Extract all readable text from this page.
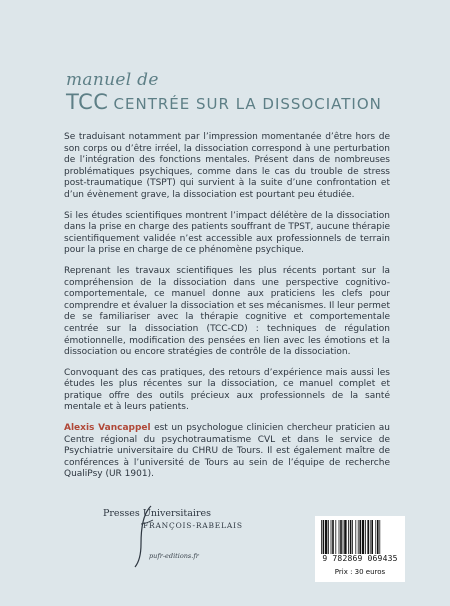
manuel de
TCC CENTRÉE SUR LA DISSOCIATION

Se traduisant notamment par l’impression momentanée d’être hors de son corps ou d’être irréel, la dissociation correspond à une perturbation de l’intégration des fonctions mentales. Présent dans de nombreuses problématiques psychiques, comme dans le cas du trouble de stress post-traumatique (TSPT) qui survient à la suite d’une confrontation et d’un évènement grave, la dissociation est pourtant peu étudiée.

Si les études scientifiques montrent l’impact délétère de la dissociation dans la prise en charge des patients souffrant de TPST, aucune thérapie scientifiquement validée n’est accessible aux professionnels de terrain pour la prise en charge de ce phénomène psychique.

Reprenant les travaux scientifiques les plus récents portant sur la compréhension de la dissociation dans une perspective cognitivo-comportementale, ce manuel donne aux praticiens les clefs pour comprendre et évaluer la dissociation et ses mécanismes. Il leur permet de se familiariser avec la thérapie cognitive et comportementale centrée sur la dissociation (TCC-CD) : techniques de régulation émotionnelle, modification des pensées en lien avec les émotions et la dissociation ou encore stratégies de contrôle de la dissociation.

Convoquant des cas pratiques, des retours d’expérience mais aussi les études les plus récentes sur la dissociation, ce manuel complet et pratique offre des outils précieux aux professionnels de la santé mentale et à leurs patients.

Alexis Vancappel est un psychologue clinicien chercheur praticien au Centre régional du psychotraumatisme CVL et dans le service de Psychiatrie universitaire du CHRU de Tours. Il est également maître de conférences à l’université de Tours au sein de l’équipe de recherche QualiPsy (UR 1901).

Presses Universitaires
FRANÇOIS-RABELAIS
pufr-editions.fr	9 782869 069435
Prix : 30 euros
